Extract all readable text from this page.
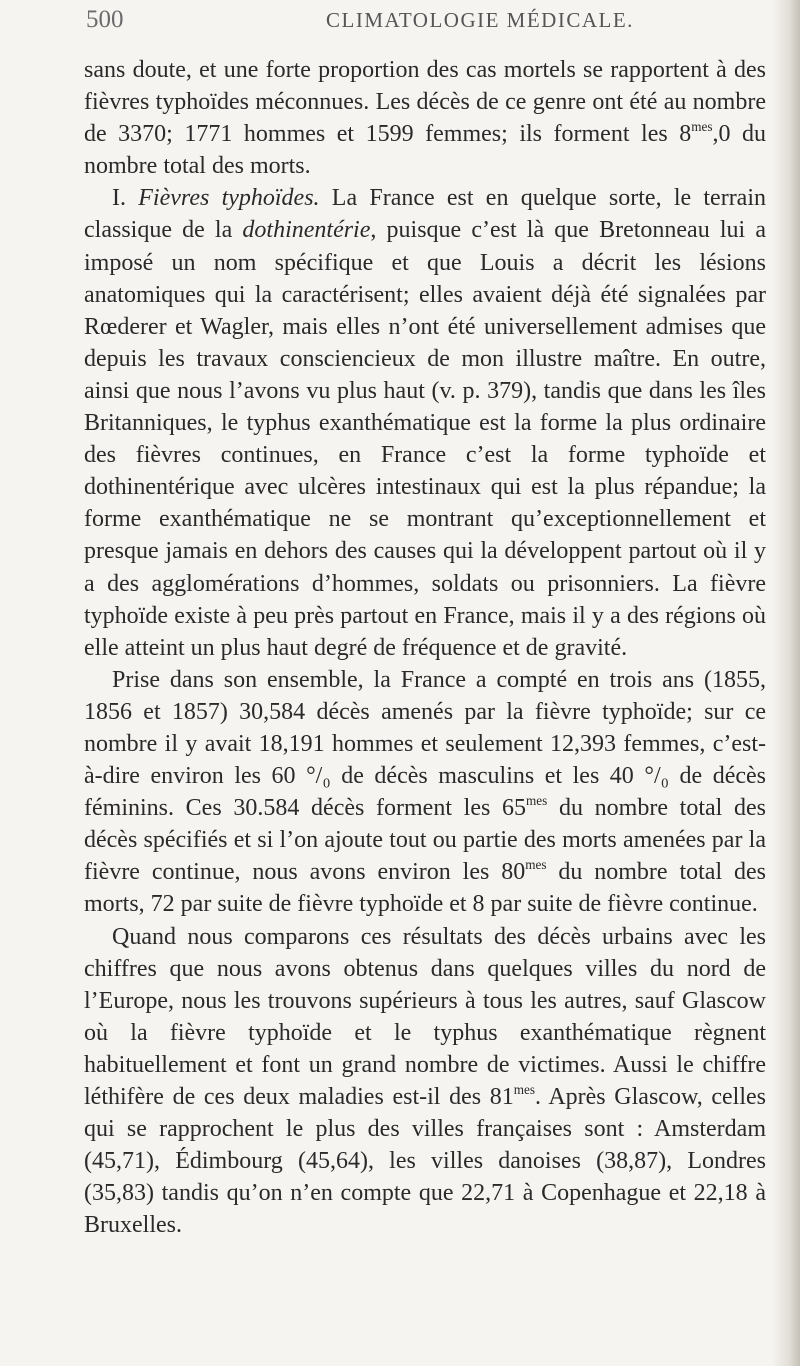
500	CLIMATOLOGIE MÉDICALE.

sans doute, et une forte proportion des cas mortels se rapportent à des fièvres typhoïdes méconnues. Les décès de ce genre ont été au nombre de 3370; 1771 hommes et 1599 femmes; ils forment les $8^{mes},0$ du nombre total des morts.

I. Fièvres typhoïdes. La France est en quelque sorte, le terrain classique de la dothinentérie, puisque c’est là que Bretonneau lui a imposé un nom spécifique et que Louis a décrit les lésions anatomiques qui la caractérisent; elles avaient déjà été signalées par Rœderer et Wagler, mais elles n’ont été universellement admises que depuis les travaux consciencieux de mon illustre maître. En outre, ainsi que nous l’avons vu plus haut (v. p. 379), tandis que dans les îles Britanniques, le typhus exanthématique est la forme la plus ordinaire des fièvres continues, en France c’est la forme typhoïde et dothinentérique avec ulcères intestinaux qui est la plus répandue; la forme exanthématique ne se montrant qu’exceptionnellement et presque jamais en dehors des causes qui la développent partout où il y a des agglomérations d’hommes, soldats ou prisonniers. La fièvre typhoïde existe à peu près partout en France, mais il y a des régions où elle atteint un plus haut degré de fréquence et de gravité.

Prise dans son ensemble, la France a compté en trois ans (1855, 1856 et 1857) 30,584 décès amenés par la fièvre typhoïde; sur ce nombre il y avait 18,191 hommes et seulement 12,393 femmes, c’est-à-dire environ les 60 °/₀ de décès masculins et les 40 °/₀ de décès féminins. Ces 30.584 décès forment les $65^{mes}$ du nombre total des décès spécifiés et si l’on ajoute tout ou partie des morts amenées par la fièvre continue, nous avons environ les $80^{mes}$ du nombre total des morts, 72 par suite de fièvre typhoïde et 8 par suite de fièvre continue.

Quand nous comparons ces résultats des décès urbains avec les chiffres que nous avons obtenus dans quelques villes du nord de l’Europe, nous les trouvons supérieurs à tous les autres, sauf Glascow où la fièvre typhoïde et le typhus exanthématique règnent habituellement et font un grand nombre de victimes. Aussi le chiffre léthifère de ces deux maladies est-il des $81^{mes}$. Après Glascow, celles qui se rapprochent le plus des villes françaises sont : Amsterdam (45,71), Édimbourg (45,64), les villes danoises (38,87), Londres (35,83) tandis qu’on n’en compte que 22,71 à Copenhague et 22,18 à Bruxelles.
